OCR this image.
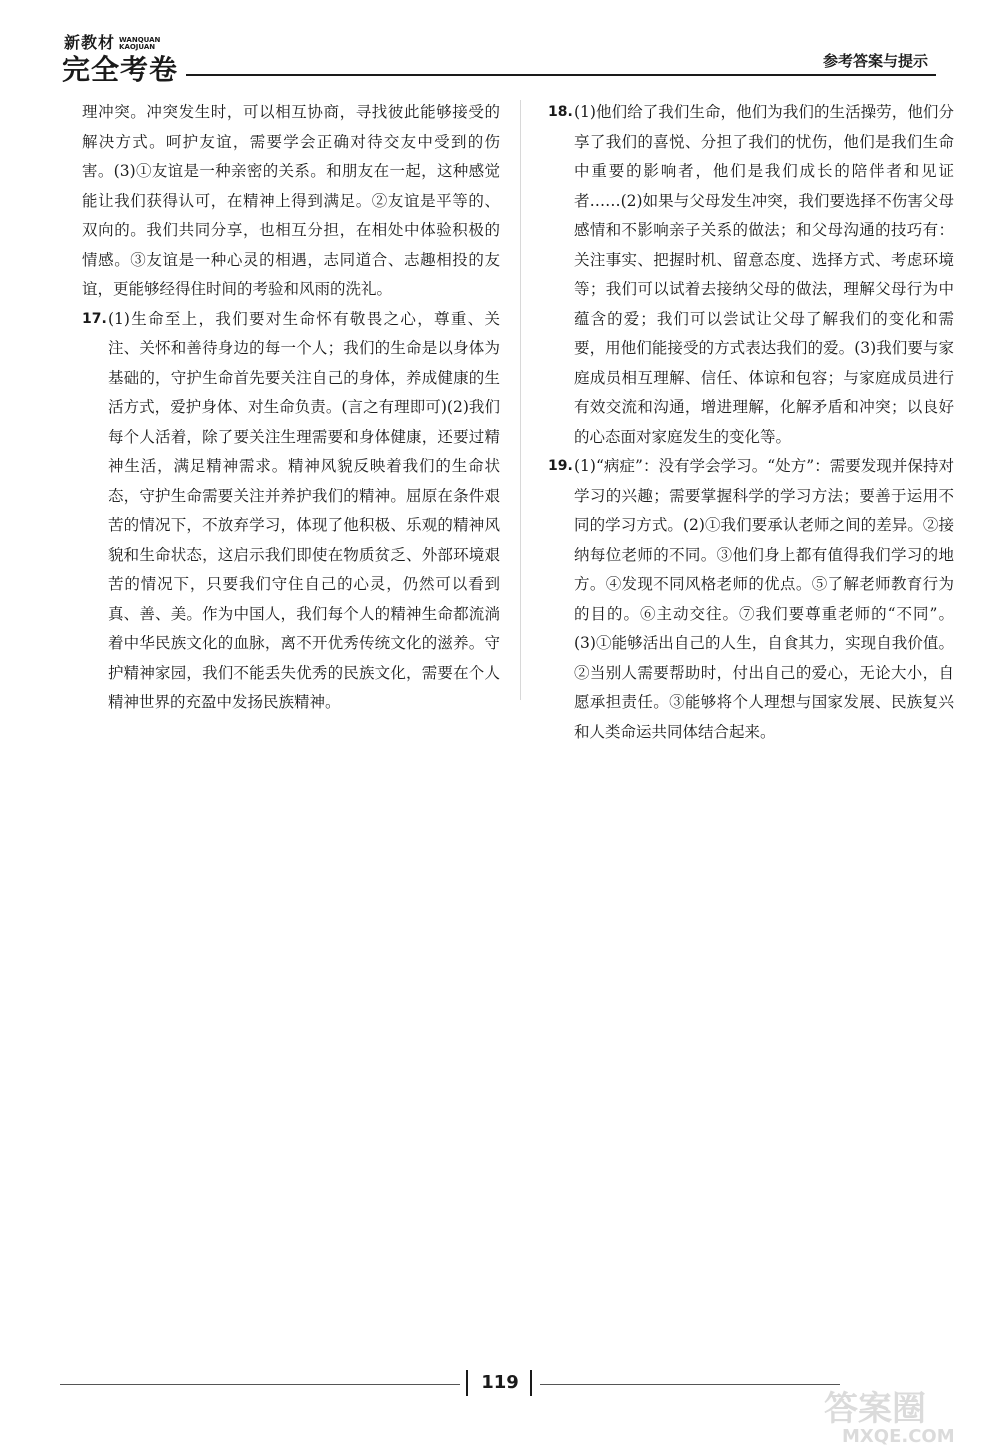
新教材 WANQUAN
KAOJUAN
完全考卷	参考答案与提示

理冲突。冲突发生时，可以相互协商，寻找彼此能够接受的解决方式。呵护友谊，需要学会正确对待交友中受到的伤害。(3)①友谊是一种亲密的关系。和朋友在一起，这种感觉能让我们获得认可，在精神上得到满足。②友谊是平等的、双向的。我们共同分享，也相互分担，在相处中体验积极的情感。③友谊是一种心灵的相遇，志同道合、志趣相投的友谊，更能够经得住时间的考验和风雨的洗礼。

17. (1)生命至上，我们要对生命怀有敬畏之心，尊重、关注、关怀和善待身边的每一个人；我们的生命是以身体为基础的，守护生命首先要关注自己的身体，养成健康的生活方式，爱护身体、对生命负责。(言之有理即可)(2)我们每个人活着，除了要关注生理需要和身体健康，还要过精神生活，满足精神需求。精神风貌反映着我们的生命状态，守护生命需要关注并养护我们的精神。屈原在条件艰苦的情况下，不放弃学习，体现了他积极、乐观的精神风貌和生命状态，这启示我们即使在物质贫乏、外部环境艰苦的情况下，只要我们守住自己的心灵，仍然可以看到真、善、美。作为中国人，我们每个人的精神生命都流淌着中华民族文化的血脉，离不开优秀传统文化的滋养。守护精神家园，我们不能丢失优秀的民族文化，需要在个人精神世界的充盈中发扬民族精神。
18. (1)他们给了我们生命，他们为我们的生活操劳，他们分享了我们的喜悦、分担了我们的忧伤，他们是我们生命中重要的影响者，他们是我们成长的陪伴者和见证者……(2)如果与父母发生冲突，我们要选择不伤害父母感情和不影响亲子关系的做法；和父母沟通的技巧有：关注事实、把握时机、留意态度、选择方式、考虑环境等；我们可以试着去接纳父母的做法，理解父母行为中蕴含的爱；我们可以尝试让父母了解我们的变化和需要，用他们能接受的方式表达我们的爱。(3)我们要与家庭成员相互理解、信任、体谅和包容；与家庭成员进行有效交流和沟通，增进理解，化解矛盾和冲突；以良好的心态面对家庭发生的变化等。
19. (1)“病症”：没有学会学习。“处方”：需要发现并保持对学习的兴趣；需要掌握科学的学习方法；要善于运用不同的学习方式。(2)①我们要承认老师之间的差异。②接纳每位老师的不同。③他们身上都有值得我们学习的地方。④发现不同风格老师的优点。⑤了解老师教育行为的目的。⑥主动交往。⑦我们要尊重老师的“不同”。(3)①能够活出自己的人生，自食其力，实现自我价值。②当别人需要帮助时，付出自己的爱心，无论大小，自愿承担责任。③能够将个人理想与国家发展、民族复兴和人类命运共同体结合起来。
119
答案圈
MXQE.COM
